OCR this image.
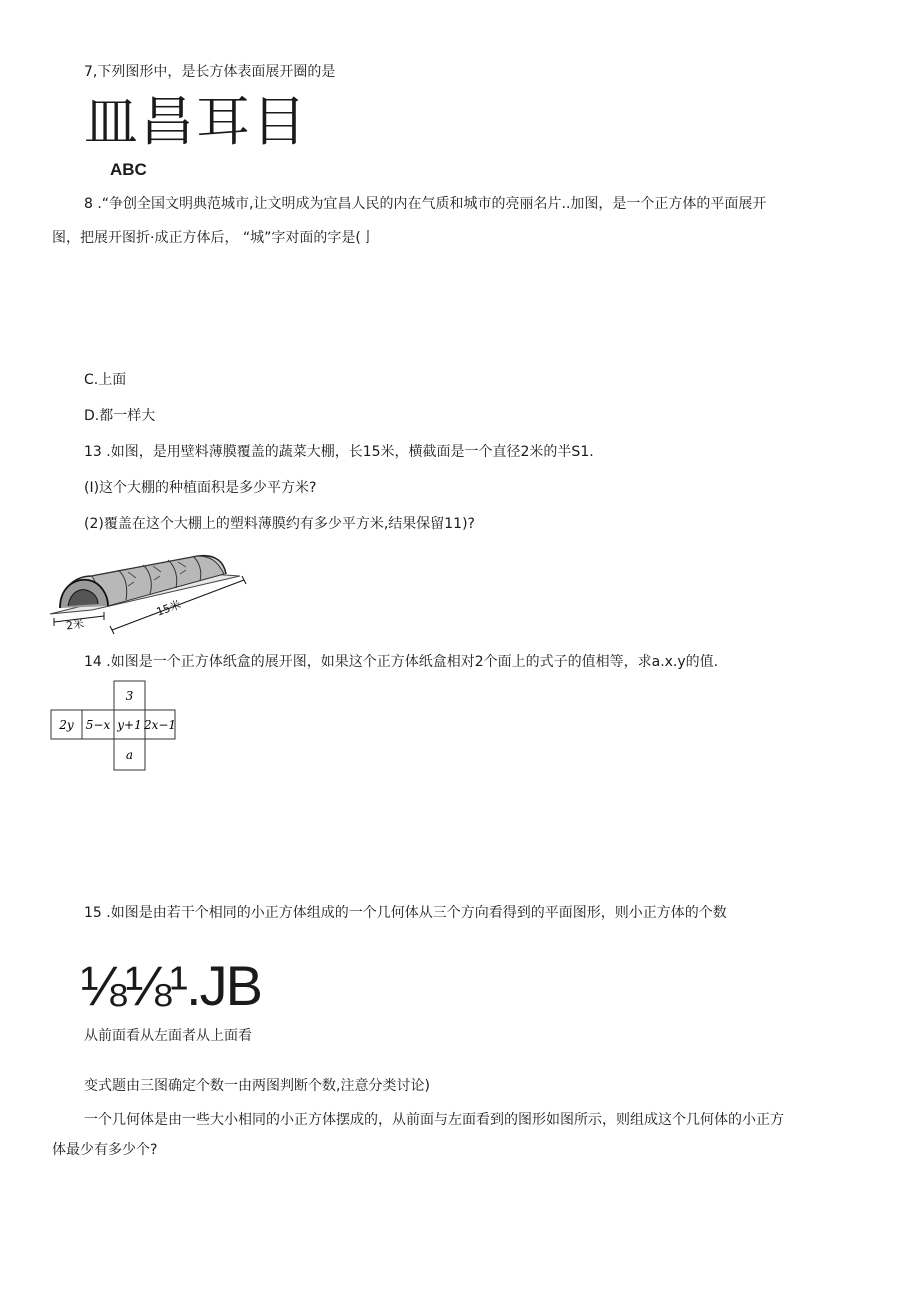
7,下列图形中，是长方体表面展开圈的是
皿昌耳目
ABC
8 .“争创全国文明典范城市,让文明成为宜昌人民的内在气质和城市的亮丽名片..加图，是一个正方体的平面展开
图，把展开图折·成正方体后， “城”字对面的字是(亅
C.上面
D.都一样大
13 .如图，是用壁料薄膜覆盖的蔬菜大棚，长15米，横截面是一个直径2米的半S1.
(I)这个大棚的种植面积是多少平方米?
(2)覆盖在这个大棚上的塑料薄膜约有多少平方米,结果保留11)?
2米
15米
14 .如图是一个正方体纸盒的展开图，如果这个正方体纸盒相对2个面上的式子的值相等，求a.x.y的值.
3
2y 5−x y+1 2x−1
a
15 .如图是由若干个相同的小正方体组成的一个几何体从三个方向看得到的平面图形，则小正方体的个数
⅛⅛¹.JB
从前面看从左面者从上面看
变式题由三图确定个数一由两图判断个数,注意分类讨论)
一个几何体是由一些大小相同的小正方体摆成的，从前面与左面看到的图形如图所示，则组成这个几何体的小正方
体最少有多少个?
